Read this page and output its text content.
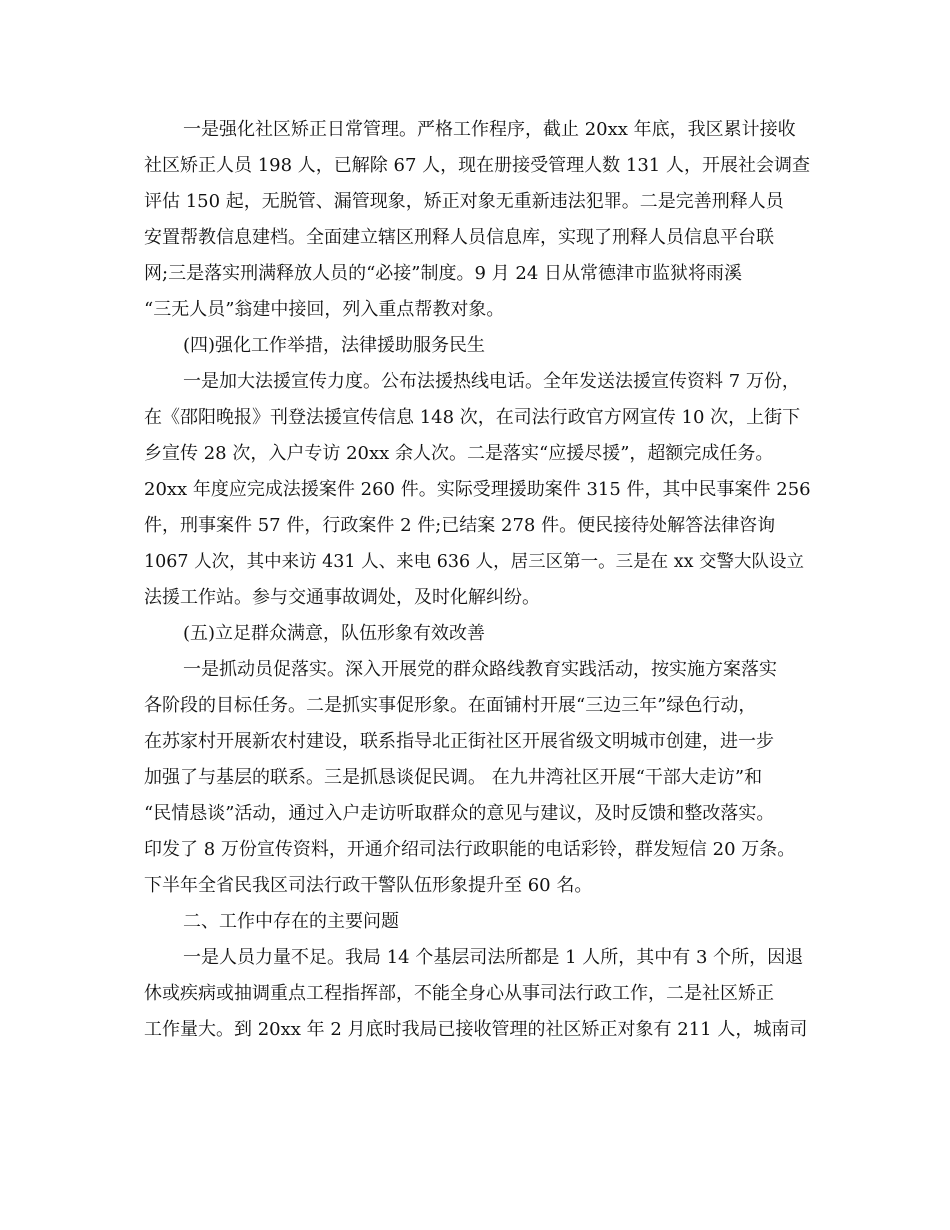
一是强化社区矫正日常管理。严格工作程序，截止 20xx 年底，我区累计接收
社区矫正人员 198 人，已解除 67 人，现在册接受管理人数 131 人，开展社会调查
评估 150 起，无脱管、漏管现象，矫正对象无重新违法犯罪。二是完善刑释人员
安置帮教信息建档。全面建立辖区刑释人员信息库，实现了刑释人员信息平台联
网;三是落实刑满释放人员的“必接”制度。9 月 24 日从常德津市监狱将雨溪
“三无人员”翁建中接回，列入重点帮教对象。
(四)强化工作举措，法律援助服务民生
一是加大法援宣传力度。公布法援热线电话。全年发送法援宣传资料 7 万份，
在《邵阳晚报》刊登法援宣传信息 148 次，在司法行政官方网宣传 10 次，上街下
乡宣传 28 次，入户专访 20xx 余人次。二是落实“应援尽援”，超额完成任务。
20xx 年度应完成法援案件 260 件。实际受理援助案件 315 件，其中民事案件 256
件，刑事案件 57 件，行政案件 2 件;已结案 278 件。便民接待处解答法律咨询
1067 人次，其中来访 431 人、来电 636 人，居三区第一。三是在 xx 交警大队设立
法援工作站。参与交通事故调处，及时化解纠纷。
(五)立足群众满意，队伍形象有效改善
一是抓动员促落实。深入开展党的群众路线教育实践活动，按实施方案落实
各阶段的目标任务。二是抓实事促形象。在面铺村开展“三边三年”绿色行动，
在苏家村开展新农村建设，联系指导北正街社区开展省级文明城市创建，进一步
加强了与基层的联系。三是抓恳谈促民调。 在九井湾社区开展“干部大走访”和
“民情恳谈”活动，通过入户走访听取群众的意见与建议，及时反馈和整改落实。
印发了 8 万份宣传资料，开通介绍司法行政职能的电话彩铃，群发短信 20 万条。
下半年全省民我区司法行政干警队伍形象提升至 60 名。
二、工作中存在的主要问题
一是人员力量不足。我局 14 个基层司法所都是 1 人所，其中有 3 个所，因退
休或疾病或抽调重点工程指挥部，不能全身心从事司法行政工作，二是社区矫正
工作量大。到 20xx 年 2 月底时我局已接收管理的社区矫正对象有 211 人，城南司
